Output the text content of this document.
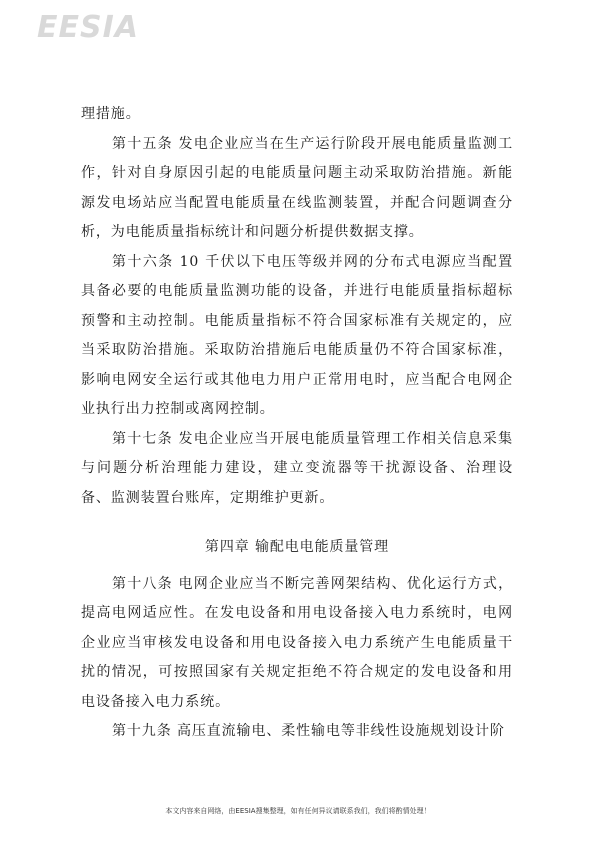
EESIA

理措施。

第十五条 发电企业应当在生产运行阶段开展电能质量监测工作，针对自身原因引起的电能质量问题主动采取防治措施。新能源发电场站应当配置电能质量在线监测装置，并配合问题调查分析，为电能质量指标统计和问题分析提供数据支撑。

第十六条 10 千伏以下电压等级并网的分布式电源应当配置具备必要的电能质量监测功能的设备，并进行电能质量指标超标预警和主动控制。电能质量指标不符合国家标准有关规定的，应当采取防治措施。采取防治措施后电能质量仍不符合国家标准，影响电网安全运行或其他电力用户正常用电时，应当配合电网企业执行出力控制或离网控制。

第十七条 发电企业应当开展电能质量管理工作相关信息采集与问题分析治理能力建设，建立变流器等干扰源设备、治理设备、监测装置台账库，定期维护更新。

第四章 输配电电能质量管理

第十八条 电网企业应当不断完善网架结构、优化运行方式，提高电网适应性。在发电设备和用电设备接入电力系统时，电网企业应当审核发电设备和用电设备接入电力系统产生电能质量干扰的情况，可按照国家有关规定拒绝不符合规定的发电设备和用电设备接入电力系统。

第十九条 高压直流输电、柔性输电等非线性设施规划设计阶

本文内容来自网络，由EESIA搜集整理，如有任何异议请联系我们，我们将酌情处理！
